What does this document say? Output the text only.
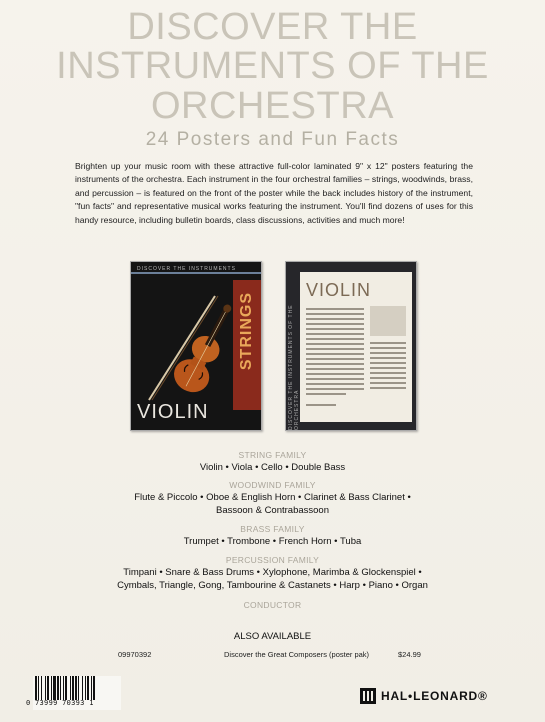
DISCOVER THE
INSTRUMENTS OF THE
ORCHESTRA
24 Posters and Fun Facts
Brighten up your music room with these attractive full-color laminated 9" x 12" posters featuring the instruments of the orchestra. Each instrument in the four orchestral families – strings, woodwinds, brass, and percussion – is featured on the front of the poster while the back includes history of the instrument, "fun facts" and representative musical works featuring the instrument. You'll find dozens of uses for this handy resource, including bulletin boards, class discussions, activities and much more!
DISCOVER THE INSTRUMENTS
STRINGS
VIOLIN	DISCOVER THE INSTRUMENTS OF THE ORCHESTRA
VIOLIN
STRING FAMILY
Violin • Viola • Cello • Double Bass
WOODWIND FAMILY
Flute & Piccolo • Oboe & English Horn • Clarinet & Bass Clarinet •
Bassoon & Contrabassoon
BRASS FAMILY
Trumpet • Trombone • French Horn • Tuba
PERCUSSION FAMILY
Timpani • Snare & Bass Drums • Xylophone, Marimba & Glockenspiel •
Cymbals, Triangle, Gong, Tambourine & Castanets • Harp • Piano • Organ
CONDUCTOR
ALSO AVAILABLE
09970392	Discover the Great Composers (poster pak)	$24.99
0 73999 70393 1	HAL•LEONARD®
